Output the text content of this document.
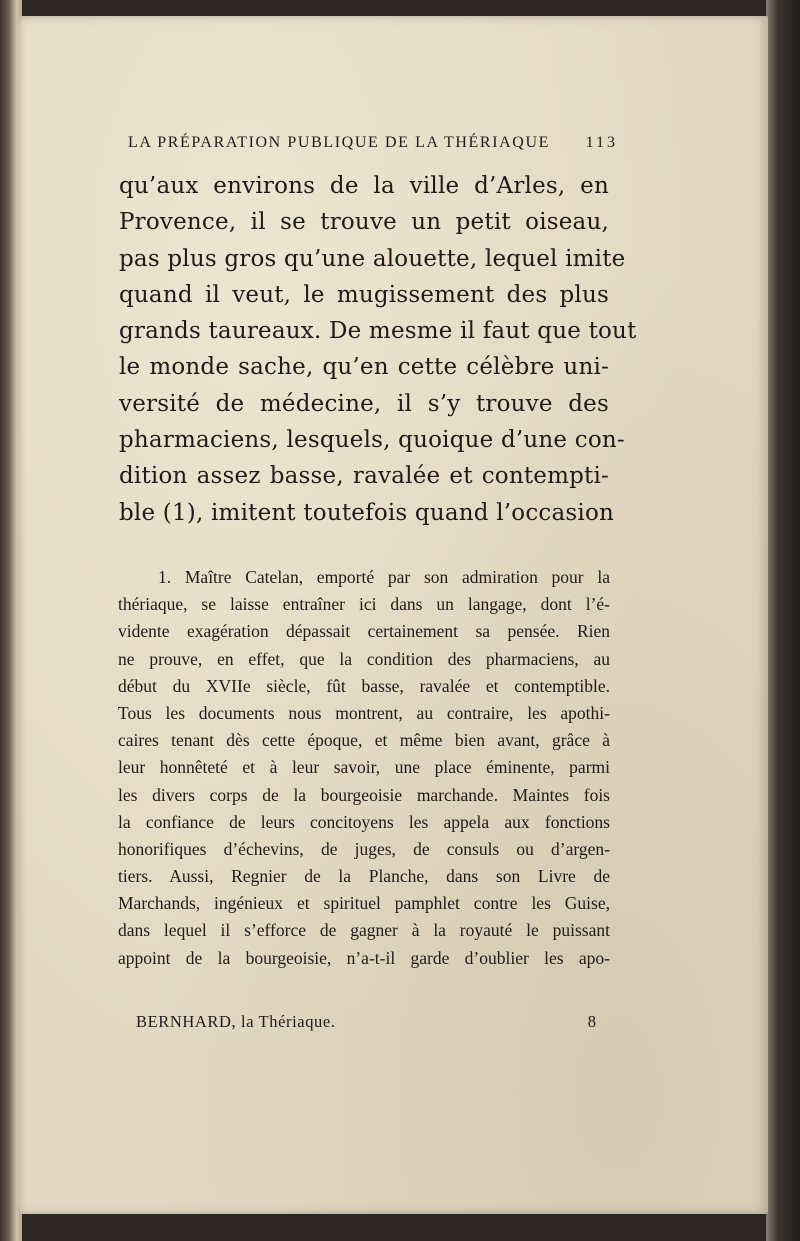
LA PRÉPARATION PUBLIQUE DE LA THÉRIAQUE 113
qu’aux environs de la ville d’Arles, en
Provence, il se trouve un petit oiseau,
pas plus gros qu’une alouette, lequel imite
quand il veut, le mugissement des plus
grands taureaux. De mesme il faut que tout
le monde sache, qu’en cette célèbre uni-
versité de médecine, il s’y trouve des
pharmaciens, lesquels, quoique d’une con-
dition assez basse, ravalée et contempti-
ble (1), imitent toutefois quand l’occasion
1. Maître Catelan, emporté par son admiration pour la
thériaque, se laisse entraîner ici dans un langage, dont l’é-
vidente exagération dépassait certainement sa pensée. Rien
ne prouve, en effet, que la condition des pharmaciens, au
début du XVIIe siècle, fût basse, ravalée et contemptible.
Tous les documents nous montrent, au contraire, les apothi-
caires tenant dès cette époque, et même bien avant, grâce à
leur honnêteté et à leur savoir, une place éminente, parmi
les divers corps de la bourgeoisie marchande. Maintes fois
la confiance de leurs concitoyens les appela aux fonctions
honorifiques d’échevins, de juges, de consuls ou d’argen-
tiers. Aussi, Regnier de la Planche, dans son Livre de
Marchands, ingénieux et spirituel pamphlet contre les Guise,
dans lequel il s’efforce de gagner à la royauté le puissant
appoint de la bourgeoisie, n’a-t-il garde d’oublier les apo-
BERNHARD, la Thériaque.	8
